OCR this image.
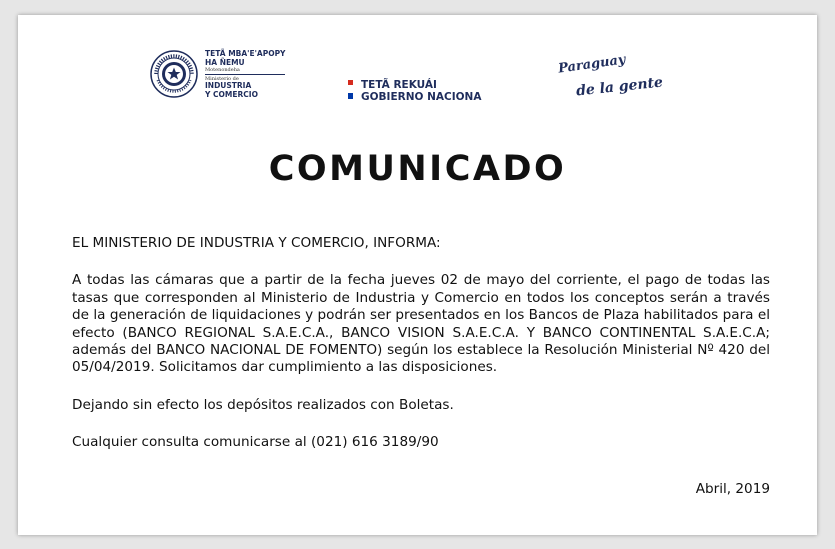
TETÃ MBA'E'APOPY
HA ÑEMU
Motenondeha
Ministerio de
INDUSTRIA
Y COMERCIO
TETÃ REKUÁI
GOBIERNO NACIONA
Paraguay
de la gente
COMUNICADO

EL MINISTERIO DE INDUSTRIA Y COMERCIO, INFORMA:

A todas las cámaras que a partir de la fecha jueves 02 de mayo del corriente, el pago de todas las tasas que corresponden al Ministerio de Industria y Comercio en todos los conceptos serán a través de la generación de liquidaciones y podrán ser presentados en los Bancos de Plaza habilitados para el efecto (BANCO REGIONAL S.A.E.C.A., BANCO VISION S.A.E.C.A. Y BANCO CONTINENTAL S.A.E.C.A; además del BANCO NACIONAL DE FOMENTO) según los establece la Resolución Ministerial Nº 420 del 05/04/2019. Solicitamos dar cumplimiento a las disposiciones.

Dejando sin efecto los depósitos realizados con Boletas.

Cualquier consulta comunicarse al (021) 616 3189/90

Abril, 2019
